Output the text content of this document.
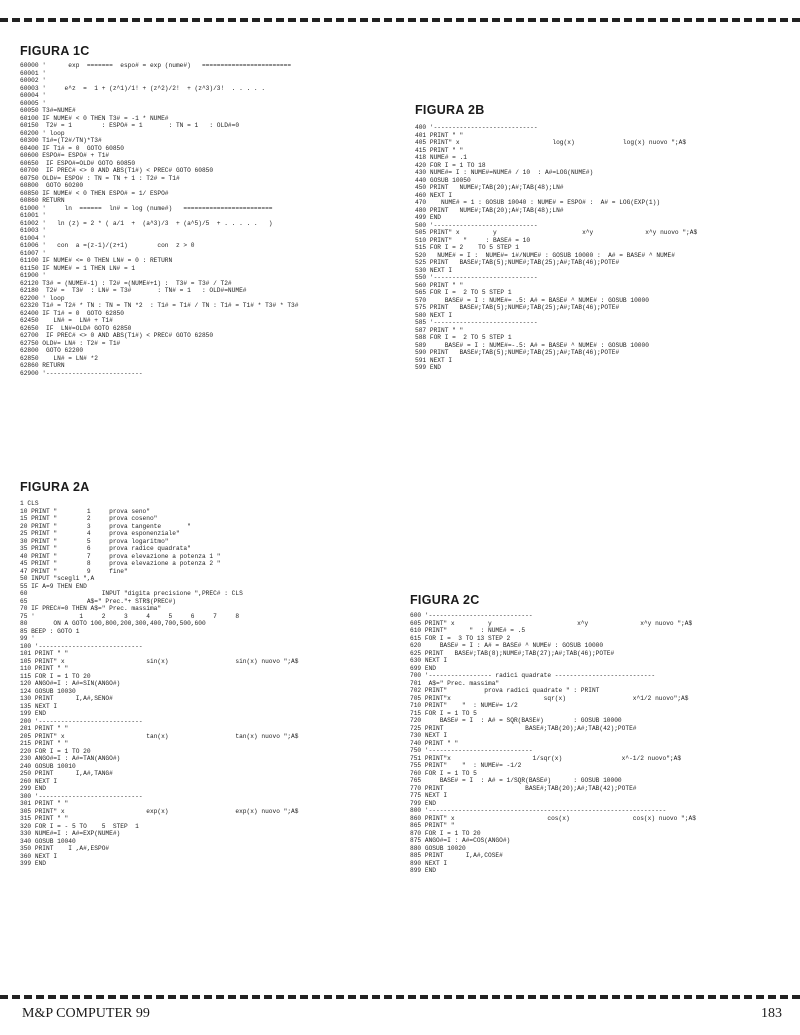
FIGURA 1C
60000 '      exp  =======  espo# = exp (nume#)   ========================
60001 '
60002 '
60003 '     e^z  =  1 + (z^1)/1! + (z^2)/2!  + (z^3)/3!  . . . . .
60004 '
60005 '
60050 T3#=NUME#
60100 IF NUME# < 0 THEN T3# = -1 * NUME#
60150  T2# = 1        : ESPO# = 1       : TN = 1   : OLD#=0
60200 ' loop
60300 T1#=(T2#/TN)*T3#
60400 IF T1# = 0  GOTO 60850
60600 ESPO#= ESPO# + T1#
60650  IF ESPO#=OLD# GOTO 60850
60700  IF PREC# <> 0 AND ABS(T1#) < PREC# GOTO 60850
60750 OLD#= ESPO# : TN = TN + 1 : T2# = T1#
60800  GOTO 60200
60850 IF NUME# < 0 THEN ESPO# = 1/ ESPO#
60860 RETURN
61000 '     ln  ======  ln# = log (nume#)   ========================
61001 '
61002 '   ln (z) = 2 * ( a/1  +  (a^3)/3  + (a^5)/5  + . . . . .   )
61003 '
61004 '
61006 '   con  a =(z-1)/(z+1)        con  z > 0
61007 '
61100 IF NUME# <= 0 THEN LN# = 0 : RETURN
61150 IF NUME# = 1 THEN LN# = 1
61900 '
62120 T3# = (NUME#-1) : T2# =(NUME#+1) :  T3# = T3# / T2#
62180  T2# =  T3#  : LN# = T3#       : TN# = 1   : OLD#=NUME#
62200 ' loop
62320 T1# = T2# * TN : TN = TN *2  : T1# = T1# / TN : T1# = T1# * T3# * T3#
62400 IF T1# = 0  GOTO 62850
62450    LN# =  LN# + T1#
62650  IF  LN#=OLD# GOTO 62850
62700  IF PREC# <> 0 AND ABS(T1#) < PREC# GOTO 62850
62750 OLD#= LN# : T2# = T1#
62800  GOTO 62200
62850    LN# = LN# *2
62860 RETURN
62900 '--------------------------
FIGURA 2B
400 '----------------------------
401 PRINT " "
405 PRINT" x                         log(x)             log(x) nuovo ";A$
415 PRINT " "
418 NUME# = .1
420 FOR I = 1 TO 18
430 NUME#= I : NUME#=NUME# / 10  : A#=LOG(NUME#)
440 GOSUB 10050
450 PRINT   NUME#;TAB(20);A#;TAB(48);LN#
460 NEXT I
470    NUME# = 1 : GOSUB 10040 : NUME# = ESPO# :  A# = LOG(EXP(1))
480 PRINT   NUME#;TAB(20);A#;TAB(48);LN#
499 END
500 '----------------------------
505 PRINT" x         y                       x^y              x^y nuovo ";A$
510 PRINT"   "     : BASE# = 10
515 FOR I = 2    TO 5 STEP 1
520   NUME# = I :  NUME#= 1#/NUME# : GOSUB 10000 :  A# = BASE# ^ NUME#
525 PRINT   BASE#;TAB(5);NUME#;TAB(25);A#;TAB(46);POTE#
530 NEXT I
550 '----------------------------
560 PRINT " "
565 FOR I =  2 TO 5 STEP 1
570     BASE# = I : NUME#= .5: A# = BASE# ^ NUME# : GOSUB 10000
575 PRINT   BASE#;TAB(5);NUME#;TAB(25);A#;TAB(46);POTE#
580 NEXT I
585 '----------------------------
587 PRINT " "
588 FOR I =  2 TO 5 STEP 1
589     BASE# = I : NUME#=-.5: A# = BASE# ^ NUME# : GOSUB 10000
590 PRINT   BASE#;TAB(5);NUME#;TAB(25);A#;TAB(46);POTE#
591 NEXT I
599 END
FIGURA 2A
1 CLS
10 PRINT "        1     prova seno"
15 PRINT "        2     prova coseno"
20 PRINT "        3     prova tangente       "
25 PRINT "        4     prova esponenziale"
30 PRINT "        5     prova logaritmo"
35 PRINT "        6     prova radice quadrata"
40 PRINT "        7     prova elevazione a potenza 1 "
45 PRINT "        8     prova elevazione a potenza 2 "
47 PRINT "        9     fine"
50 INPUT "scegli ",A
55 IF A=9 THEN END
60                    INPUT "digita precisione ",PREC# : CLS
65                A$=" Prec."+ STR$(PREC#)
70 IF PREC#=0 THEN A$=" Prec. massima"
75 '            1     2     3     4     5     6     7     8
80       ON A GOTO 100,800,200,300,400,700,500,600
85 BEEP : GOTO 1
99 '
100 '----------------------------
101 PRINT " "
105 PRINT" x                      sin(x)                  sin(x) nuovo ";A$
110 PRINT " "
115 FOR I = 1 TO 20
120 ANGO#=I : A#=SIN(ANGO#)
124 GOSUB 10030
130 PRINT      I,A#,SENO#
135 NEXT I
199 END
200 '----------------------------
201 PRINT " "
205 PRINT" x                      tan(x)                  tan(x) nuovo ";A$
215 PRINT " "
220 FOR I = 1 TO 20
230 ANGO#=I : A#=TAN(ANGO#)
240 GOSUB 10010
250 PRINT      I,A#,TANG#
260 NEXT I
299 END
300 '----------------------------
301 PRINT " "
305 PRINT" x                      exp(x)                  exp(x) nuovo ";A$
315 PRINT " "
320 FOR I = - 5 TO    5  STEP  1
330 NUME#=I : A#=EXP(NUME#)
340 GOSUB 10040
350 PRINT    I ,A#,ESPO#
360 NEXT I
399 END
FIGURA 2C
600 '----------------------------
605 PRINT" x         y                       x^y              x^y nuovo ";A$
610 PRINT"      "  : NUME# = .5
615 FOR I =  3 TO 13 STEP 2
620     BASE# = I : A# = BASE# ^ NUME# : GOSUB 10000
625 PRINT   BASE#;TAB(8);NUME#;TAB(27);A#;TAB(46);POTE#
630 NEXT I
699 END
700 '----------------- radici quadrate ---------------------------
701  A$=" Prec. massima"
702 PRINT"          prova radici quadrate " : PRINT
705 PRINT"x                         sqr(x)                  x^1/2 nuovo";A$
710 PRINT"    "  : NUME#= 1/2
715 FOR I = 1 TO 5
720     BASE# = I  : A# = SQR(BASE#)        : GOSUB 10000
725 PRINT                      BASE#;TAB(20);A#;TAB(42);POTE#
730 NEXT I
740 PRINT " "
750 '----------------------------
751 PRINT"x                      1/sqr(x)                x^-1/2 nuovo";A$
755 PRINT"    "  : NUME#= -1/2
760 FOR I = 1 TO 5
765     BASE# = I  : A# = 1/SQR(BASE#)      : GOSUB 10000
770 PRINT                      BASE#;TAB(20);A#;TAB(42);POTE#
775 NEXT I
799 END
800 '----------------------------------------------------------------
860 PRINT" x                         cos(x)                 cos(x) nuovo ";A$
865 PRINT" "
870 FOR I = 1 TO 20
875 ANGO#=I : A#=COS(ANGO#)
880 GOSUB 10020
885 PRINT      I,A#,COSE#
890 NEXT I
899 END
M&P COMPUTER 99	183
